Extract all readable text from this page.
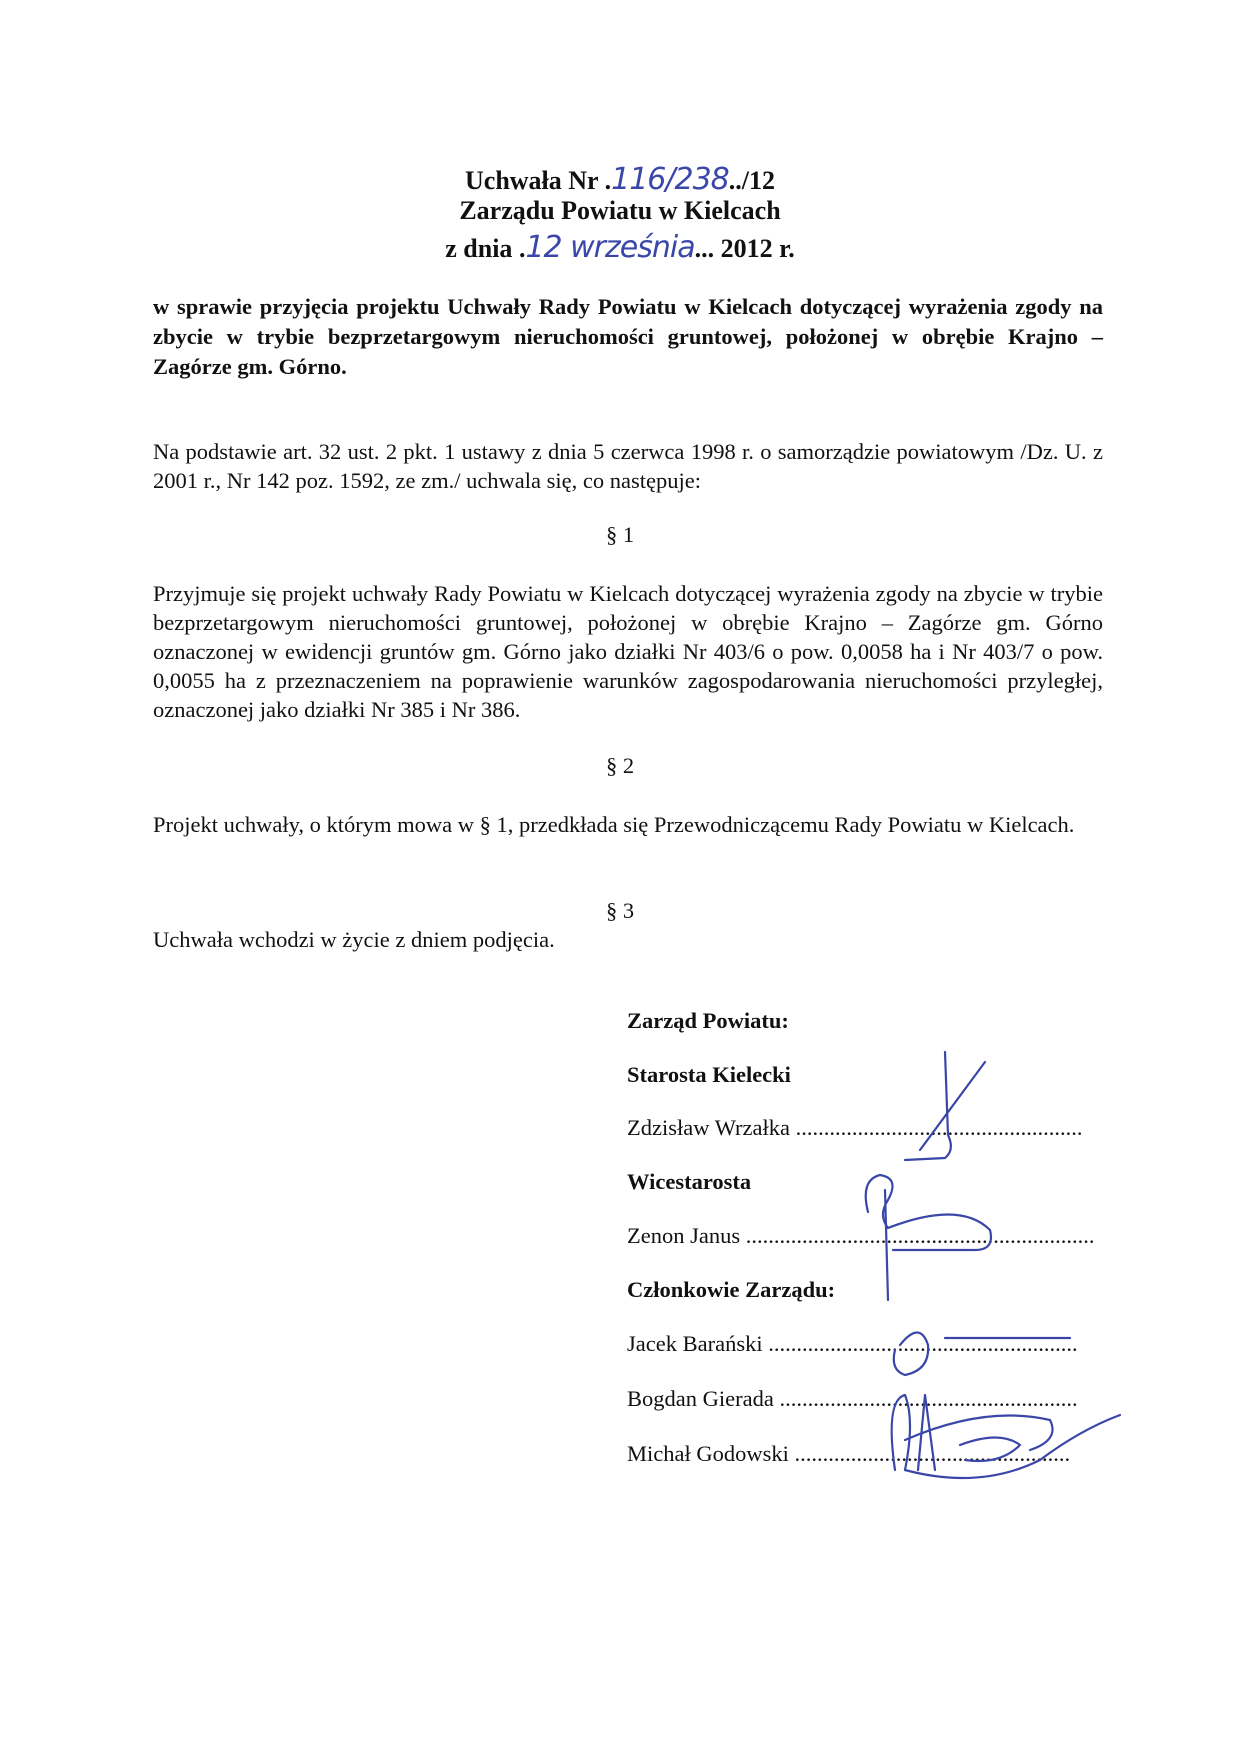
Uchwała Nr .116/238../12
Zarządu Powiatu w Kielcach
z dnia .12 września... 2012 r.
w sprawie przyjęcia projektu Uchwały Rady Powiatu w Kielcach dotyczącej wyrażenia zgody na zbycie w trybie bezprzetargowym nieruchomości gruntowej, położonej w obrębie Krajno – Zagórze gm. Górno.
Na podstawie art. 32 ust. 2 pkt. 1 ustawy z dnia 5 czerwca 1998 r. o samorządzie powiatowym /Dz. U. z 2001 r., Nr 142 poz. 1592, ze zm./ uchwala się, co następuje:
§ 1
Przyjmuje się projekt uchwały Rady Powiatu w Kielcach dotyczącej wyrażenia zgody na zbycie w trybie bezprzetargowym nieruchomości gruntowej, położonej w obrębie Krajno – Zagórze gm. Górno oznaczonej w ewidencji gruntów gm. Górno jako działki Nr 403/6 o pow. 0,0058 ha i Nr 403/7 o pow. 0,0055 ha z przeznaczeniem na poprawienie warunków zagospodarowania nieruchomości przyległej, oznaczonej jako działki Nr 385 i Nr 386.
§ 2
Projekt uchwały, o którym mowa w § 1, przedkłada się Przewodniczącemu Rady Powiatu w Kielcach.
§ 3
Uchwała wchodzi w życie z dniem podjęcia.
Zarząd Powiatu:
Starosta Kielecki
Zdzisław Wrzałka ...................................................
Wicestarosta
Zenon Janus ..............................................................
Członkowie Zarządu:
Jacek Barański .......................................................
Bogdan Gierada .....................................................
Michał Godowski .................................................
